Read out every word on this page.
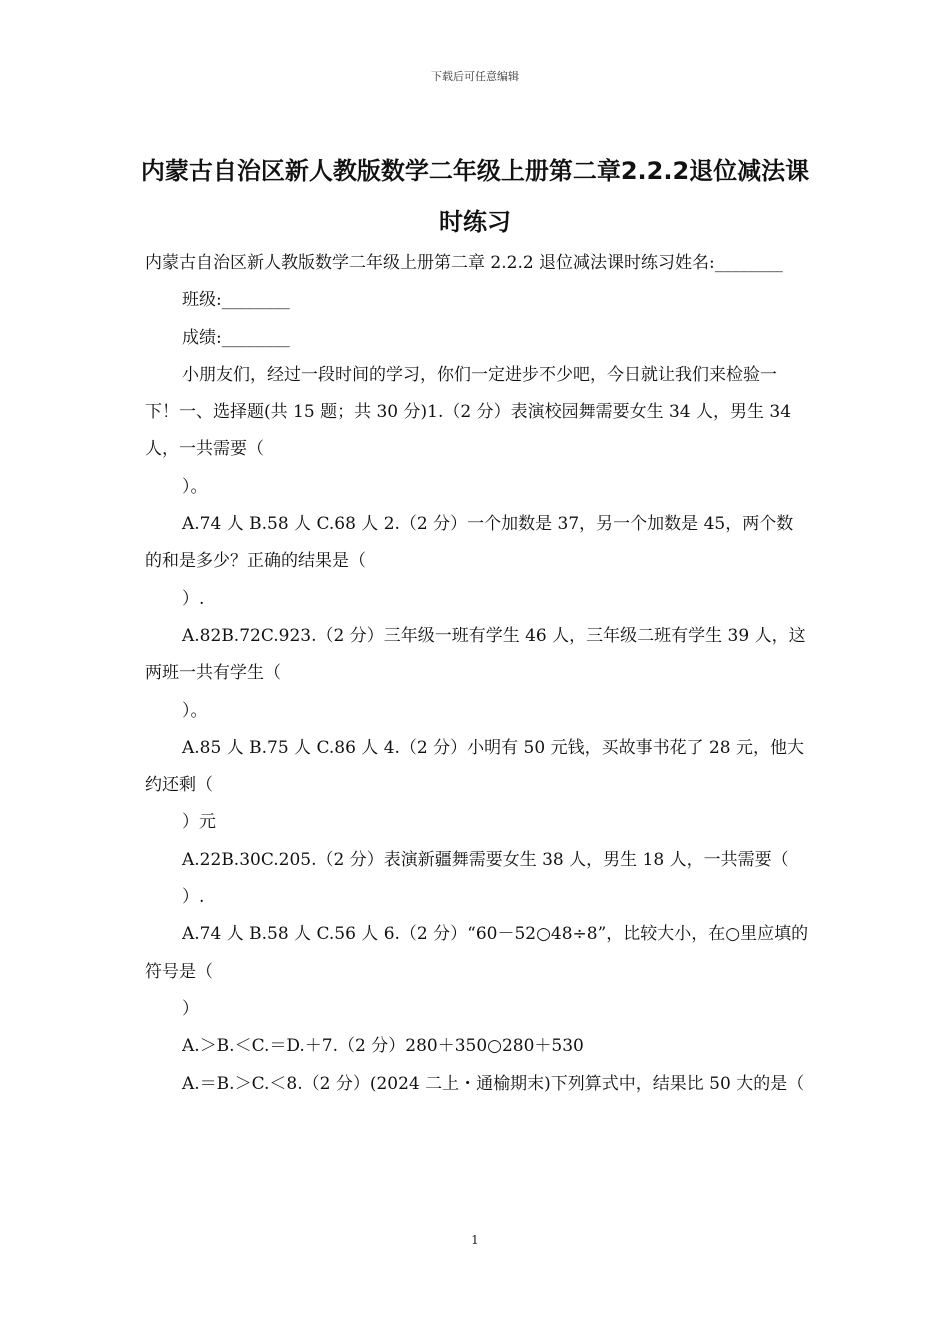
下载后可任意编辑
内蒙古自治区新人教版数学二年级上册第二章2.2.2退位减法课时练习

内蒙古自治区新人教版数学二年级上册第二章 2.2.2 退位减法课时练习姓名:________

班级:________

成绩:________

小朋友们，经过一段时间的学习，你们一定进步不少吧，今日就让我们来检验一下！一、选择题(共 15 题；共 30 分)1.（2 分）表演校园舞需要女生 34 人，男生 34 人，一共需要（

）。

A.74 人 B.58 人 C.68 人 2.（2 分）一个加数是 37，另一个加数是 45，两个数的和是多少？正确的结果是（

）.

A.82B.72C.923.（2 分）三年级一班有学生 46 人，三年级二班有学生 39 人，这两班一共有学生（

）。

A.85 人 B.75 人 C.86 人 4.（2 分）小明有 50 元钱，买故事书花了 28 元，他大约还剩（

）元

A.22B.30C.205.（2 分）表演新疆舞需要女生 38 人，男生 18 人，一共需要（

）.

A.74 人 B.58 人 C.56 人 6.（2 分）“60－52○48÷8”，比较大小，在○里应填的符号是（

）

A.＞B.＜C.＝D.＋7.（2 分）280＋350○280＋530

A.＝B.＞C.＜8.（2 分）(2024 二上・通榆期末)下列算式中，结果比 50 大的是（

1
